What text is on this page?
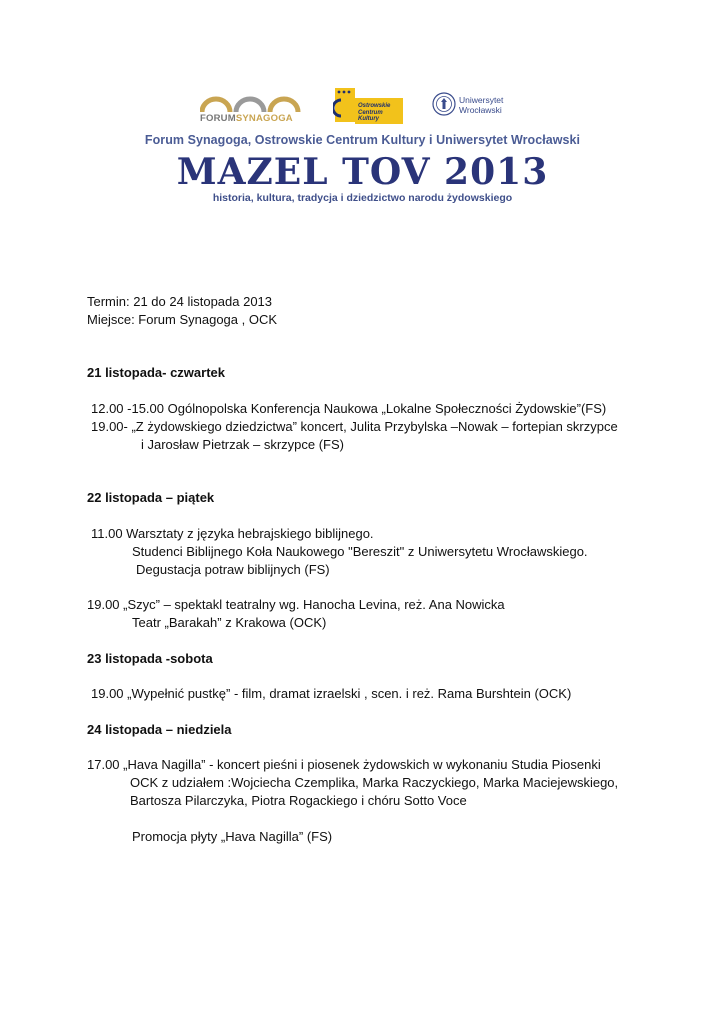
FORUMSYNAGOGA
Ostrowskie
Centrum
Kultury
Uniwersytet
Wrocławski
Forum Synagoga, Ostrowskie Centrum Kultury i Uniwersytet Wrocławski
MAZEL TOV 2013
historia, kultura, tradycja i dziedzictwo narodu żydowskiego
Termin: 21 do 24 listopada 2013
Miejsce: Forum Synagoga , OCK
21 listopada- czwartek
12.00 -15.00 Ogólnopolska Konferencja Naukowa „Lokalne Społeczności Żydowskie”(FS)
19.00- „Z żydowskiego dziedzictwa” koncert, Julita Przybylska –Nowak – fortepian skrzypce
i Jarosław Pietrzak – skrzypce (FS)
22 listopada – piątek
11.00 Warsztaty z języka hebrajskiego biblijnego.
Studenci Biblijnego Koła Naukowego "Bereszit" z Uniwersytetu Wrocławskiego.
Degustacja potraw biblijnych (FS)
19.00 „Szyc” – spektakl teatralny wg. Hanocha Levina, reż. Ana Nowicka
Teatr „Barakah” z Krakowa (OCK)
23 listopada -sobota
19.00 „Wypełnić pustkę” - film, dramat izraelski , scen. i reż. Rama Burshtein (OCK)
24 listopada – niedziela
17.00 „Hava Nagilla” - koncert pieśni i piosenek żydowskich w wykonaniu Studia Piosenki
OCK z udziałem :Wojciecha Czemplika, Marka Raczyckiego, Marka Maciejewskiego,
Bartosza Pilarczyka, Piotra Rogackiego i chóru Sotto Voce
Promocja płyty „Hava Nagilla” (FS)
